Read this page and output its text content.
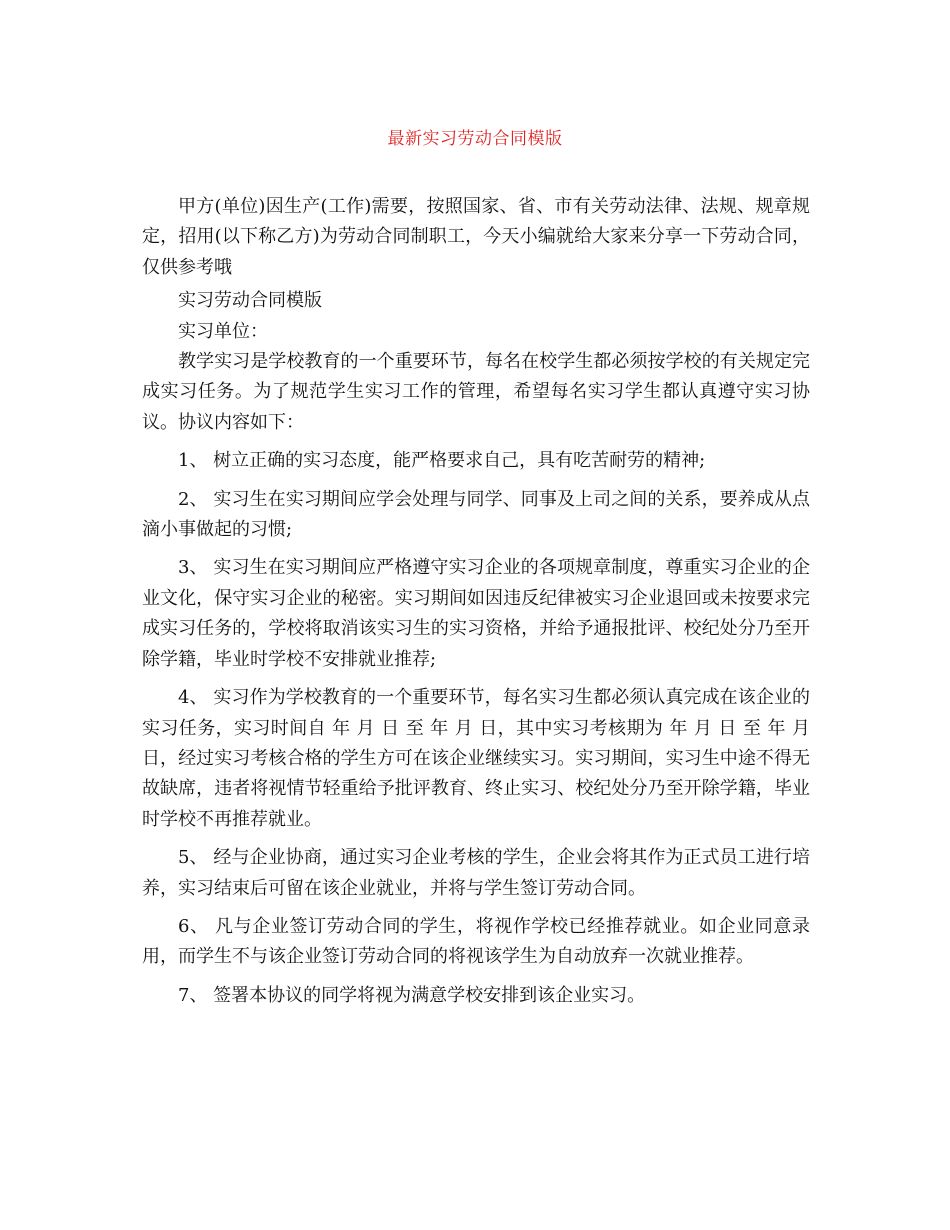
最新实习劳动合同模版

甲方(单位)因生产(工作)需要，按照国家、省、市有关劳动法律、法规、规章规定，招用(以下称乙方)为劳动合同制职工，今天小编就给大家来分享一下劳动合同，仅供参考哦

实习劳动合同模版

实习单位：

教学实习是学校教育的一个重要环节，每名在校学生都必须按学校的有关规定完成实习任务。为了规范学生实习工作的管理，希望每名实习学生都认真遵守实习协议。协议内容如下：

1、 树立正确的实习态度，能严格要求自己，具有吃苦耐劳的精神;

2、 实习生在实习期间应学会处理与同学、同事及上司之间的关系，要养成从点滴小事做起的习惯;

3、 实习生在实习期间应严格遵守实习企业的各项规章制度，尊重实习企业的企业文化，保守实习企业的秘密。实习期间如因违反纪律被实习企业退回或未按要求完成实习任务的，学校将取消该实习生的实习资格，并给予通报批评、校纪处分乃至开除学籍，毕业时学校不安排就业推荐;

4、 实习作为学校教育的一个重要环节，每名实习生都必须认真完成在该企业的实习任务，实习时间自 年 月 日 至 年 月 日，其中实习考核期为 年 月 日 至 年 月 日，经过实习考核合格的学生方可在该企业继续实习。实习期间，实习生中途不得无故缺席，违者将视情节轻重给予批评教育、终止实习、校纪处分乃至开除学籍，毕业时学校不再推荐就业。

5、 经与企业协商，通过实习企业考核的学生，企业会将其作为正式员工进行培养，实习结束后可留在该企业就业，并将与学生签订劳动合同。

6、 凡与企业签订劳动合同的学生，将视作学校已经推荐就业。如企业同意录用，而学生不与该企业签订劳动合同的将视该学生为自动放弃一次就业推荐。

7、 签署本协议的同学将视为满意学校安排到该企业实习。
